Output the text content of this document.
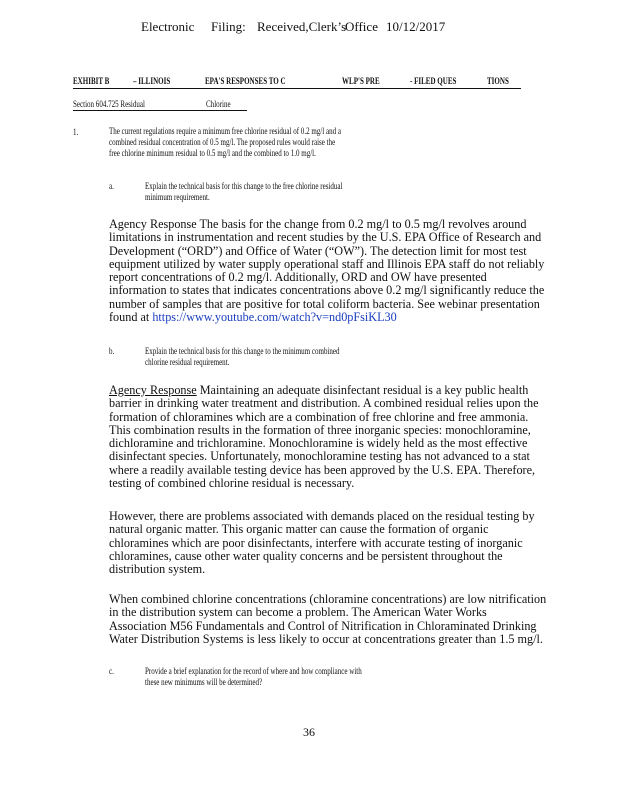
Electronic Filing: Received,Clerk’s
Office 10/12/2017
EXHIBIT B	– ILLINOIS	EPA'S RESPONSES TO C	WLP'S PRE	- FILED QUES	TIONS
Section 604.725 Residual	Chlorine
1.	The current regulations require a minimum free chlorine residual of 0.2 mg/l and a
combined residual concentration of 0.5 mg/l. The proposed rules would raise the
free chlorine minimum residual to 0.5 mg/l and the combined to 1.0 mg/l.
a.	Explain the technical basis for this change to the free chlorine residual
minimum requirement.

Agency Response The basis for the change from 0.2 mg/l to 0.5 mg/l revolves around

limitations in instrumentation and recent studies by the U.S. EPA Office of Research and

Development (“ORD”) and Office of Water (“OW”). The detection limit for most test

equipment utilized by water supply operational staff and Illinois EPA staff do not reliably

report concentrations of 0.2 mg/l. Additionally, ORD and OW have presented

information to states that indicates concentrations above 0.2 mg/l significantly reduce the

number of samples that are positive for total coliform bacteria. See webinar presentation

found at https://www.youtube.com/watch?v=nd0pFsiKL30

b.	Explain the technical basis for this change to the minimum combined
chlorine residual requirement.

Agency Response Maintaining an adequate disinfectant residual is a key public health

barrier in drinking water treatment and distribution. A combined residual relies upon the

formation of chloramines which are a combination of free chlorine and free ammonia.

This combination results in the formation of three inorganic species: monochloramine,

dichloramine and trichloramine. Monochloramine is widely held as the most effective

disinfectant species. Unfortunately, monochloramine testing has not advanced to a stat

where a readily available testing device has been approved by the U.S. EPA. Therefore,

testing of combined chlorine residual is necessary.

However, there are problems associated with demands placed on the residual testing by

natural organic matter. This organic matter can cause the formation of organic

chloramines which are poor disinfectants, interfere with accurate testing of inorganic

chloramines, cause other water quality concerns and be persistent throughout the

distribution system.

When combined chlorine concentrations (chloramine concentrations) are low nitrification

in the distribution system can become a problem. The American Water Works

Association M56 Fundamentals and Control of Nitrification in Chloraminated Drinking

Water Distribution Systems is less likely to occur at concentrations greater than 1.5 mg/l.

c.	Provide a brief explanation for the record of where and how compliance with
these new minimums will be determined?
36
